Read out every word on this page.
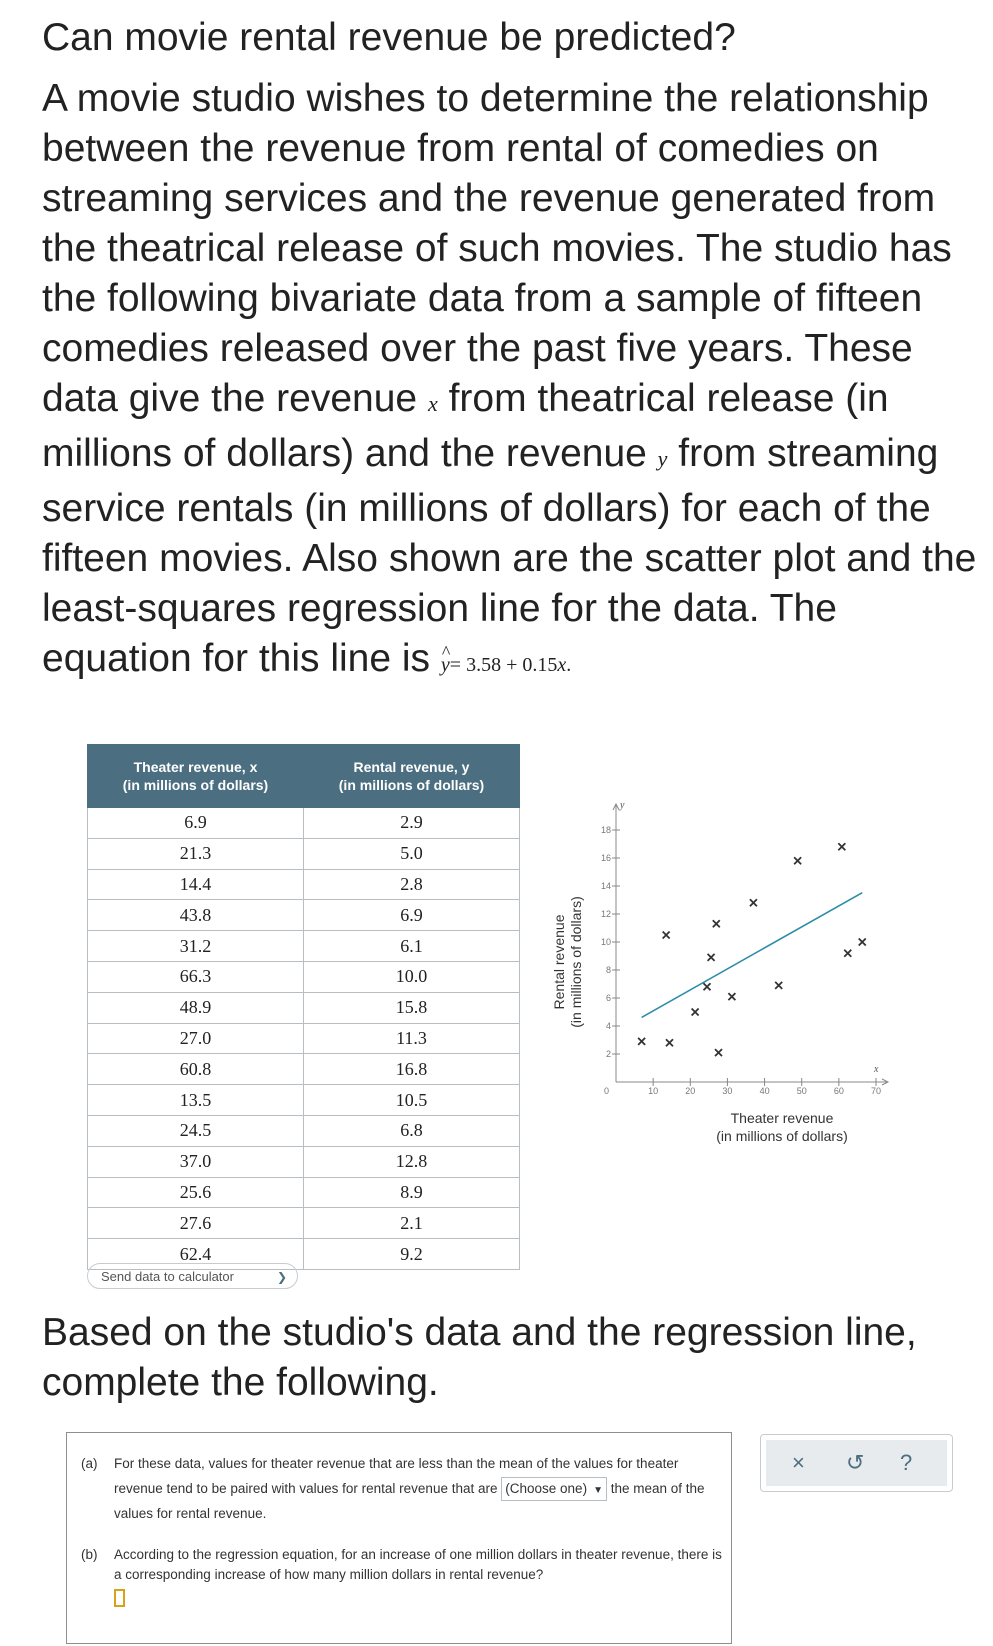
Can movie rental revenue be predicted?
A movie studio wishes to determine the relationship between the revenue from rental of comedies on streaming services and the revenue generated from the theatrical release of such movies. The studio has the following bivariate data from a sample of fifteen comedies released over the past five years. These data give the revenue x from theatrical release (in millions of dollars) and the revenue y from streaming service rentals (in millions of dollars) for each of the fifteen movies. Also shown are the scatter plot and the least-squares regression line for the data. The equation for this line is ^ y= 3.58 + 0.15x.
Theater revenue, x
(in millions of dollars)	Rental revenue, y
(in millions of dollars)
6.9	2.9
21.3	5.0
14.4	2.8
43.8	6.9
31.2	6.1
66.3	10.0
48.9	15.8
27.0	11.3
60.8	16.8
13.5	10.5
24.5	6.8
37.0	12.8
25.6	8.9
27.6	2.1
62.4	9.2
Send data to calculator	❯
x
y
0	10	20	30	40	50	60	70
2
4
6
8
10
12
14
16
18
Rental revenue (in millions of dollars)
Theater revenue
(in millions of dollars)
Based on the studio's data and the regression line, complete the following.
(a) For these data, values for theater revenue that are less than the mean of the values for theater revenue tend to be paired with values for rental revenue that are (Choose one) ▼ the mean of the values for rental revenue.
(b) According to the regression equation, for an increase of one million dollars in theater revenue, there is a corresponding increase of how many million dollars in rental revenue?

× ↺ ?
